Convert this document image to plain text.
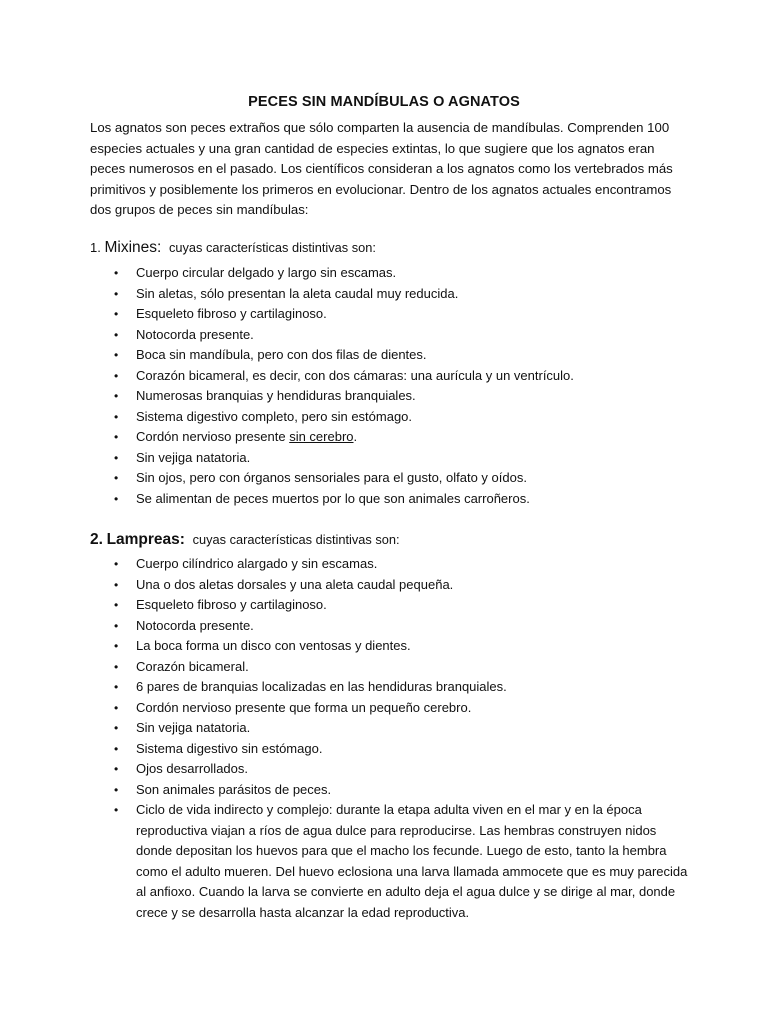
PECES SIN MANDÍBULAS O AGNATOS
Los agnatos son peces extraños que sólo comparten la ausencia de mandíbulas. Comprenden 100 especies actuales y una gran cantidad de especies extintas, lo que sugiere que los agnatos eran peces numerosos en el pasado. Los científicos consideran a los agnatos como los vertebrados más primitivos y posiblemente los primeros en evolucionar. Dentro de los agnatos actuales encontramos dos grupos de peces sin mandíbulas:
1. Mixines: cuyas características distintivas son:
• Cuerpo circular delgado y largo sin escamas.
• Sin aletas, sólo presentan la aleta caudal muy reducida.
• Esqueleto fibroso y cartilaginoso.
• Notocorda presente.
• Boca sin mandíbula, pero con dos filas de dientes.
• Corazón bicameral, es decir, con dos cámaras: una aurícula y un ventrículo.
• Numerosas branquias y hendiduras branquiales.
• Sistema digestivo completo, pero sin estómago.
• Cordón nervioso presente sin cerebro.
• Sin vejiga natatoria.
• Sin ojos, pero con órganos sensoriales para el gusto, olfato y oídos.
• Se alimentan de peces muertos por lo que son animales carroñeros.
2. Lampreas: cuyas características distintivas son:
• Cuerpo cilíndrico alargado y sin escamas.
• Una o dos aletas dorsales y una aleta caudal pequeña.
• Esqueleto fibroso y cartilaginoso.
• Notocorda presente.
• La boca forma un disco con ventosas y dientes.
• Corazón bicameral.
• 6 pares de branquias localizadas en las hendiduras branquiales.
• Cordón nervioso presente que forma un pequeño cerebro.
• Sin vejiga natatoria.
• Sistema digestivo sin estómago.
• Ojos desarrollados.
• Son animales parásitos de peces.
• Ciclo de vida indirecto y complejo: durante la etapa adulta viven en el mar y en la época reproductiva viajan a ríos de agua dulce para reproducirse. Las hembras construyen nidos donde depositan los huevos para que el macho los fecunde. Luego de esto, tanto la hembra como el adulto mueren. Del huevo eclosiona una larva llamada ammocete que es muy parecida al anfioxo. Cuando la larva se convierte en adulto deja el agua dulce y se dirige al mar, donde crece y se desarrolla hasta alcanzar la edad reproductiva.
